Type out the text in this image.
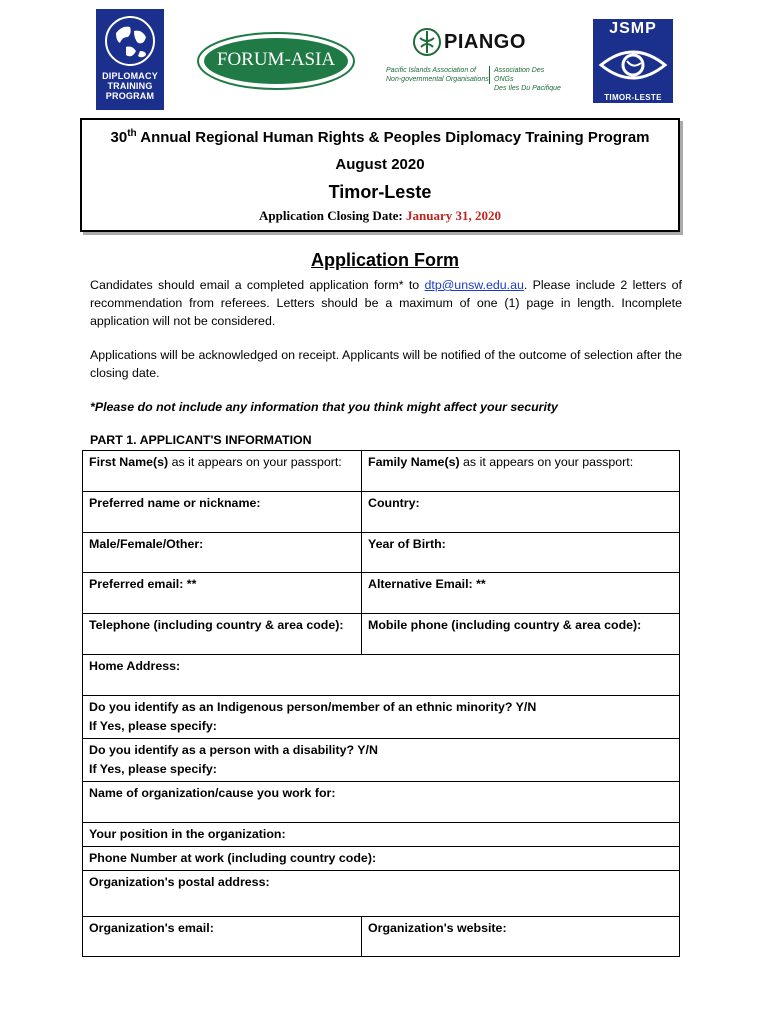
DIPLOMACY
TRAINING
PROGRAM
FORUM-ASIA
PIANGO
Pacific Islands Association of
Non-governmental Organisations
Association Des ONGs
Des Iles Du Pacifique
JSMP
TIMOR-LESTE
30th Annual Regional Human Rights & Peoples Diplomacy Training Program
August 2020
Timor-Leste
Application Closing Date: January 31, 2020
Application Form
Candidates should email a completed application form* to dtp@unsw.edu.au. Please include 2 letters of recommendation from referees. Letters should be a maximum of one (1) page in length. Incomplete application will not be considered.
Applications will be acknowledged on receipt. Applicants will be notified of the outcome of selection after the closing date.
*Please do not include any information that you think might affect your security
PART 1. APPLICANT'S INFORMATION
First Name(s) as it appears on your passport:	Family Name(s) as it appears on your passport:
Preferred name or nickname:	Country:
Male/Female/Other:	Year of Birth:
Preferred email: **	Alternative Email: **
Telephone (including country & area code):	Mobile phone (including country & area code):
Home Address:	

Do you identify as an Indigenous person/member of an ethnic minority? Y/N
If Yes, please specify:	

Do you identify as a person with a disability? Y/N
If Yes, please specify:	

Name of organization/cause you work for:	
Your position in the organization:	
Phone Number at work (including country code):	
Organization's postal address:	
Organization's email:	Organization's website:
